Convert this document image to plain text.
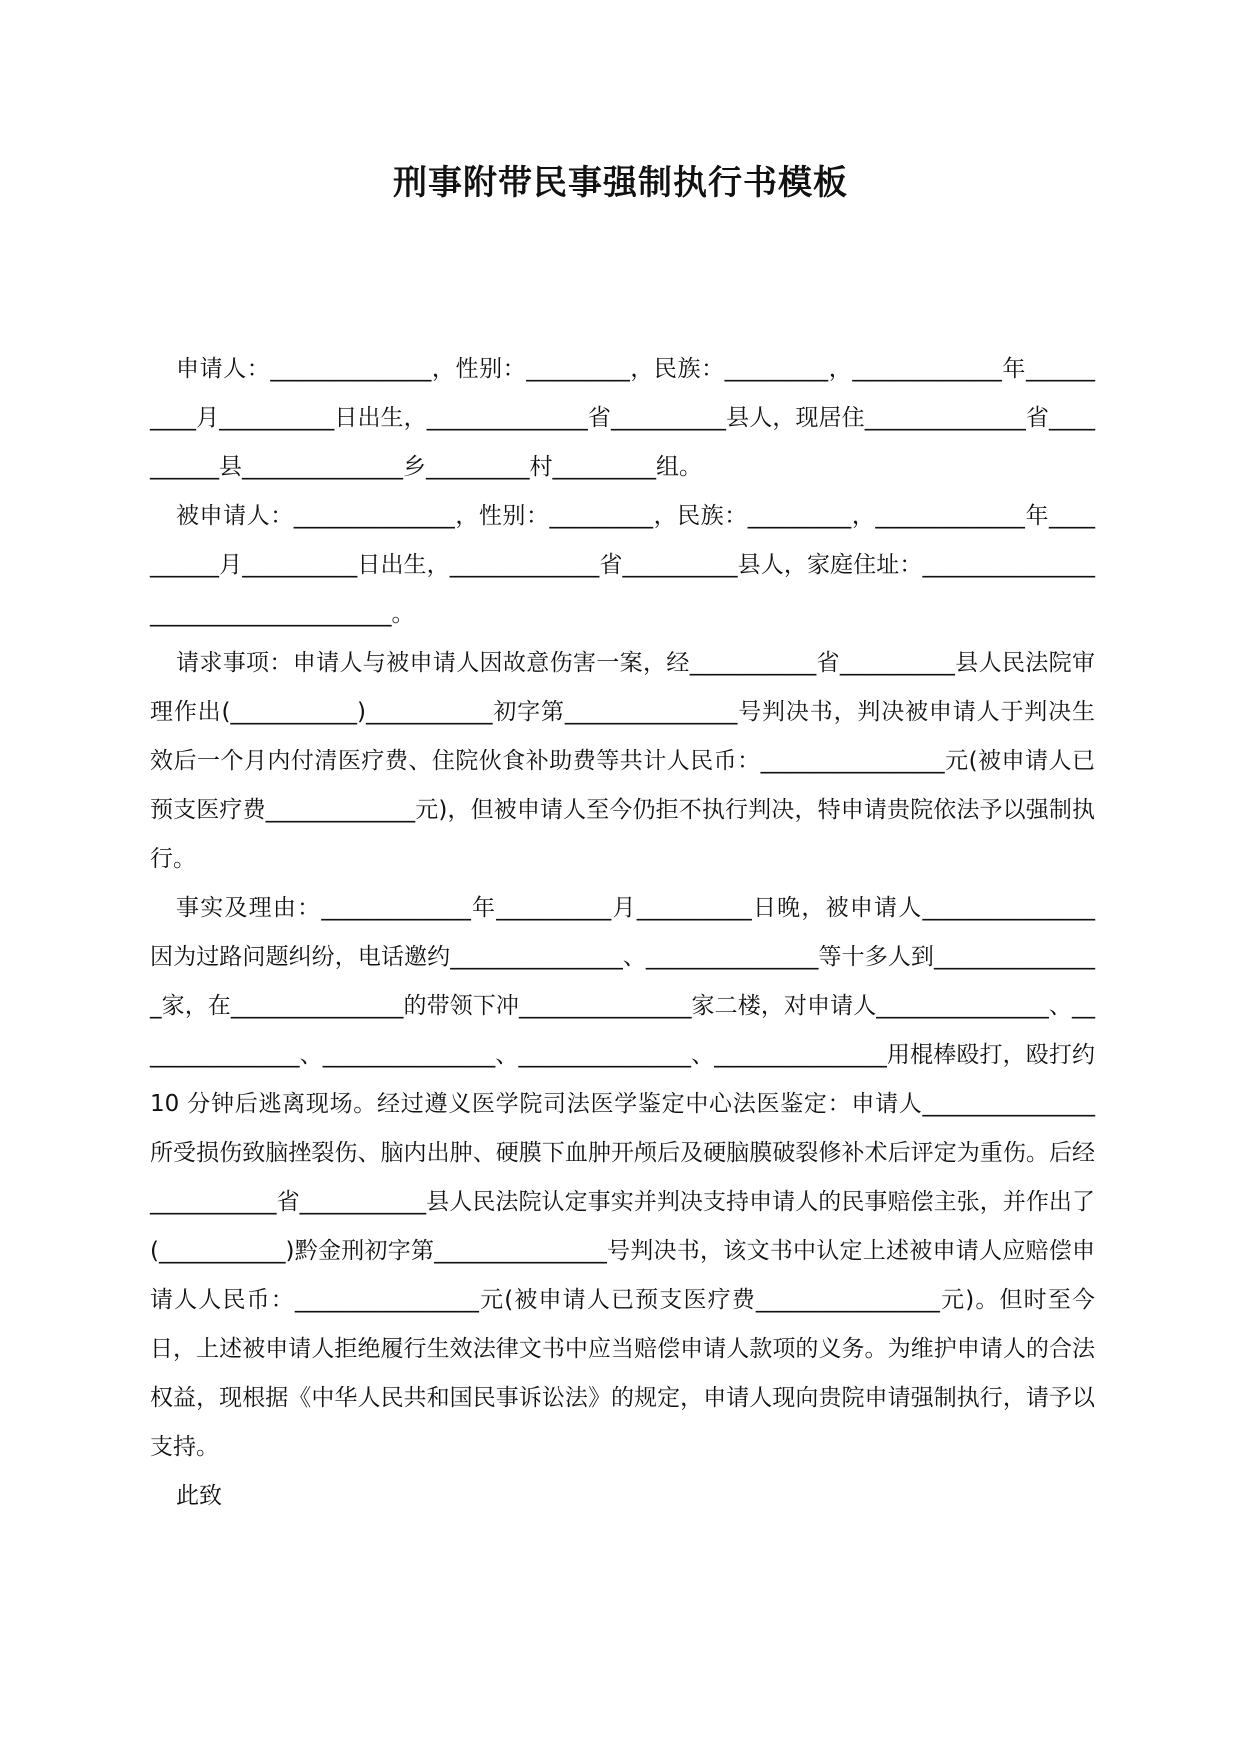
刑事附带民事强制执行书模板

申请人：______________，性别：_________，民族：_________，_____________年__________月__________日出生，______________省__________县人，现居住______________省__________县______________乡_________村_________组。

被申请人：______________，性别：_________，民族：_________，_____________年__________月__________日出生，_____________省__________县人，家庭住址：____________________________________。

请求事项：申请人与被申请人因故意伤害一案，经___________省__________县人民法院审理作出(___________)___________初字第_______________号判决书，判决被申请人于判决生效后一个月内付清医疗费、住院伙食补助费等共计人民币：________________元(被申请人已预支医疗费_____________元)，但被申请人至今仍拒不执行判决，特申请贵院依法予以强制执行。

事实及理由：_____________年__________月__________日晚，被申请人_______________因为过路问题纠纷，电话邀约_______________、_______________等十多人到_______________家，在_______________的带领下冲_______________家二楼，对申请人_______________、_______________、_______________、_______________、_______________用棍棒殴打，殴打约 10 分钟后逃离现场。经过遵义医学院司法医学鉴定中心法医鉴定：申请人_______________所受损伤致脑挫裂伤、脑内出肿、硬膜下血肿开颅后及硬脑膜破裂修补术后评定为重伤。后经___________省___________县人民法院认定事实并判决支持申请人的民事赔偿主张，并作出了(___________)黔金刑初字第_______________号判决书，该文书中认定上述被申请人应赔偿申请人人民币：________________元(被申请人已预支医疗费________________元)。但时至今日，上述被申请人拒绝履行生效法律文书中应当赔偿申请人款项的义务。为维护申请人的合法权益，现根据《中华人民共和国民事诉讼法》的规定，申请人现向贵院申请强制执行，请予以支持。

此致
